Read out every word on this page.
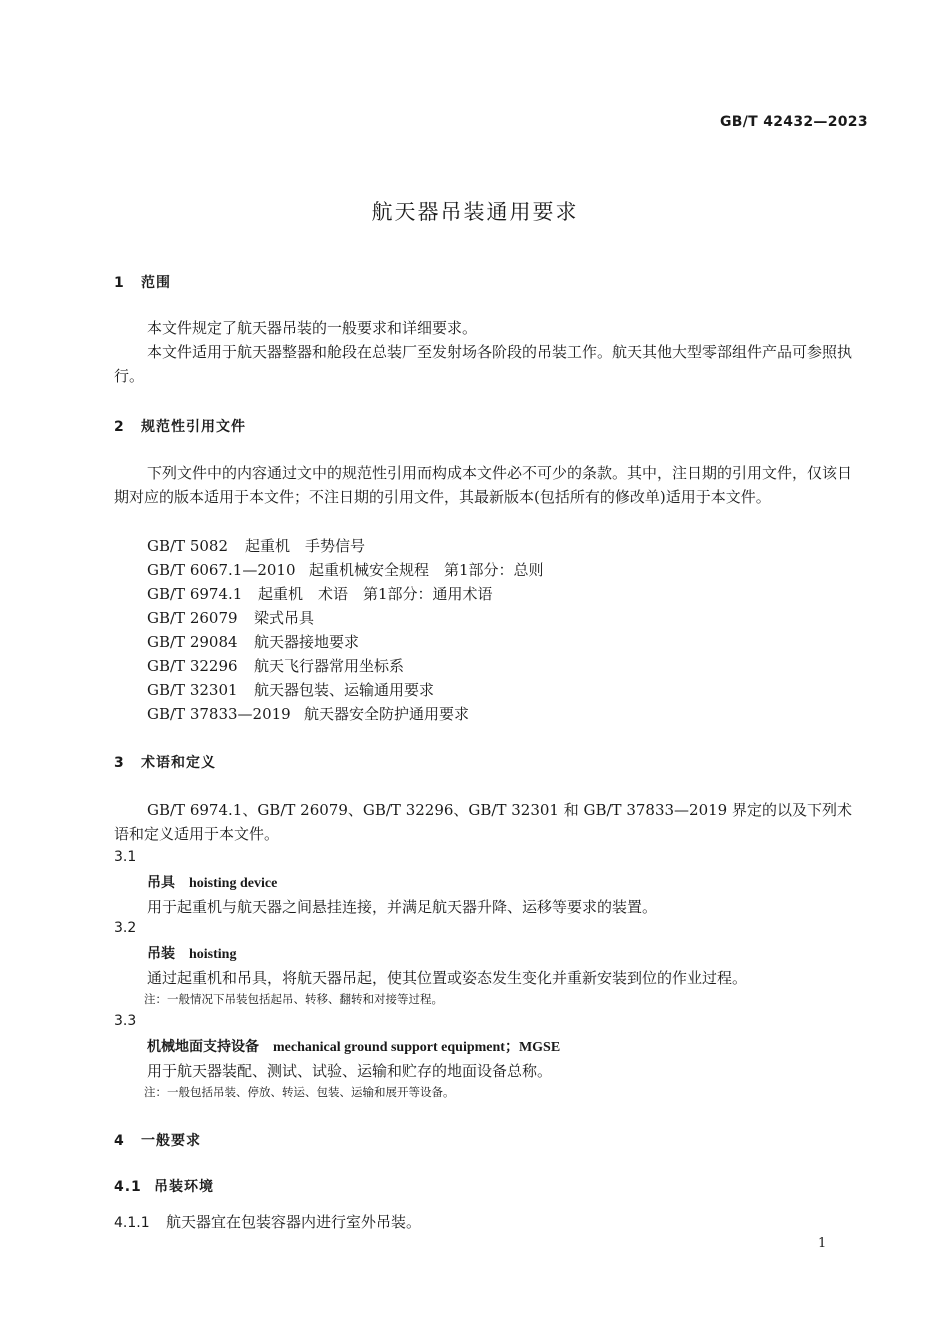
GB/T 42432—2023
航天器吊装通用要求
1 范围
本文件规定了航天器吊装的一般要求和详细要求。
本文件适用于航天器整器和舱段在总装厂至发射场各阶段的吊装工作。航天其他大型零部组件产品可参照执行。
2 规范性引用文件
下列文件中的内容通过文中的规范性引用而构成本文件必不可少的条款。其中，注日期的引用文件，仅该日期对应的版本适用于本文件；不注日期的引用文件，其最新版本(包括所有的修改单)适用于本文件。
GB/T 5082 起重机　手势信号
GB/T 6067.1—2010 起重机械安全规程　第1部分：总则
GB/T 6974.1 起重机　术语　第1部分：通用术语
GB/T 26079 梁式吊具
GB/T 29084 航天器接地要求
GB/T 32296 航天飞行器常用坐标系
GB/T 32301 航天器包装、运输通用要求
GB/T 37833—2019 航天器安全防护通用要求
3 术语和定义
GB/T 6974.1、GB/T 26079、GB/T 32296、GB/T 32301 和 GB/T 37833—2019 界定的以及下列术语和定义适用于本文件。
3.1
吊具 hoisting device
用于起重机与航天器之间悬挂连接，并满足航天器升降、运移等要求的装置。
3.2
吊装 hoisting
通过起重机和吊具，将航天器吊起，使其位置或姿态发生变化并重新安装到位的作业过程。
注：一般情况下吊装包括起吊、转移、翻转和对接等过程。
3.3
机械地面支持设备 mechanical ground support equipment；MGSE
用于航天器装配、测试、试验、运输和贮存的地面设备总称。
注：一般包括吊装、停放、转运、包装、运输和展开等设备。
4 一般要求
4.1 吊装环境
4.1.1 航天器宜在包装容器内进行室外吊装。
1
